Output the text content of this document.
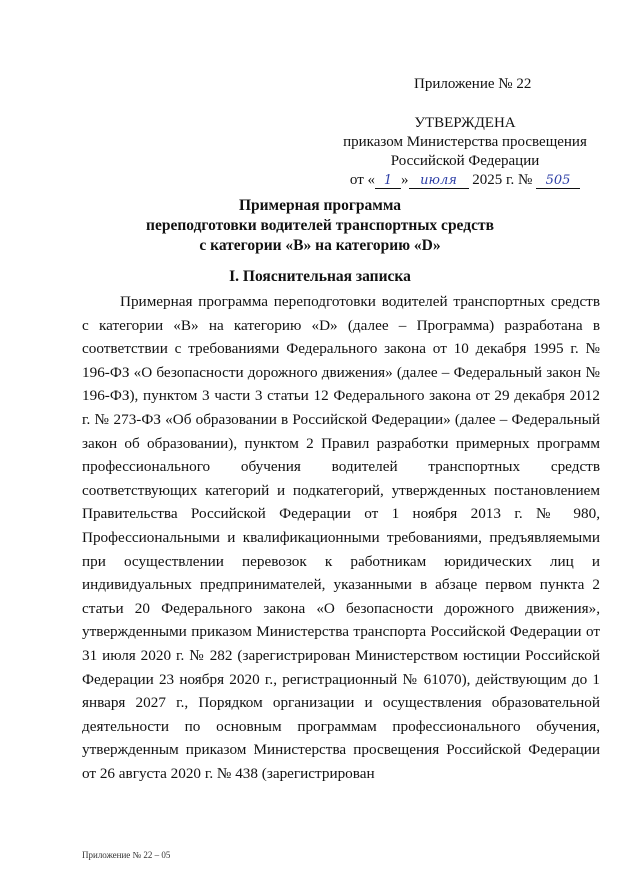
Приложение № 22
УТВЕРЖДЕНА
приказом Министерства просвещения
Российской Федерации
от « 1 » июля 2025 г. № 505
Примерная программа
переподготовки водителей транспортных средств
с категории «B» на категорию «D»
I. Пояснительная записка
Примерная программа переподготовки водителей транспортных средств с категории «B» на категорию «D» (далее – Программа) разработана в соответствии с требованиями Федерального закона от 10 декабря 1995 г. № 196-ФЗ «О безопасности дорожного движения» (далее – Федеральный закон № 196-ФЗ), пунктом 3 части 3 статьи 12 Федерального закона от 29 декабря 2012 г. № 273-ФЗ «Об образовании в Российской Федерации» (далее – Федеральный закон об образовании), пунктом 2 Правил разработки примерных программ профессионального обучения водителей транспортных средств соответствующих категорий и подкатегорий, утвержденных постановлением Правительства Российской Федерации от 1 ноября 2013 г. № 980, Профессиональными и квалификационными требованиями, предъявляемыми при осуществлении перевозок к работникам юридических лиц и индивидуальных предпринимателей, указанными в абзаце первом пункта 2 статьи 20 Федерального закона «О безопасности дорожного движения», утвержденными приказом Министерства транспорта Российской Федерации от 31 июля 2020 г. № 282 (зарегистрирован Министерством юстиции Российской Федерации 23 ноября 2020 г., регистрационный № 61070), действующим до 1 января 2027 г., Порядком организации и осуществления образовательной деятельности по основным программам профессионального обучения, утвержденным приказом Министерства просвещения Российской Федерации от 26 августа 2020 г. № 438 (зарегистрирован
Приложение № 22 – 05
